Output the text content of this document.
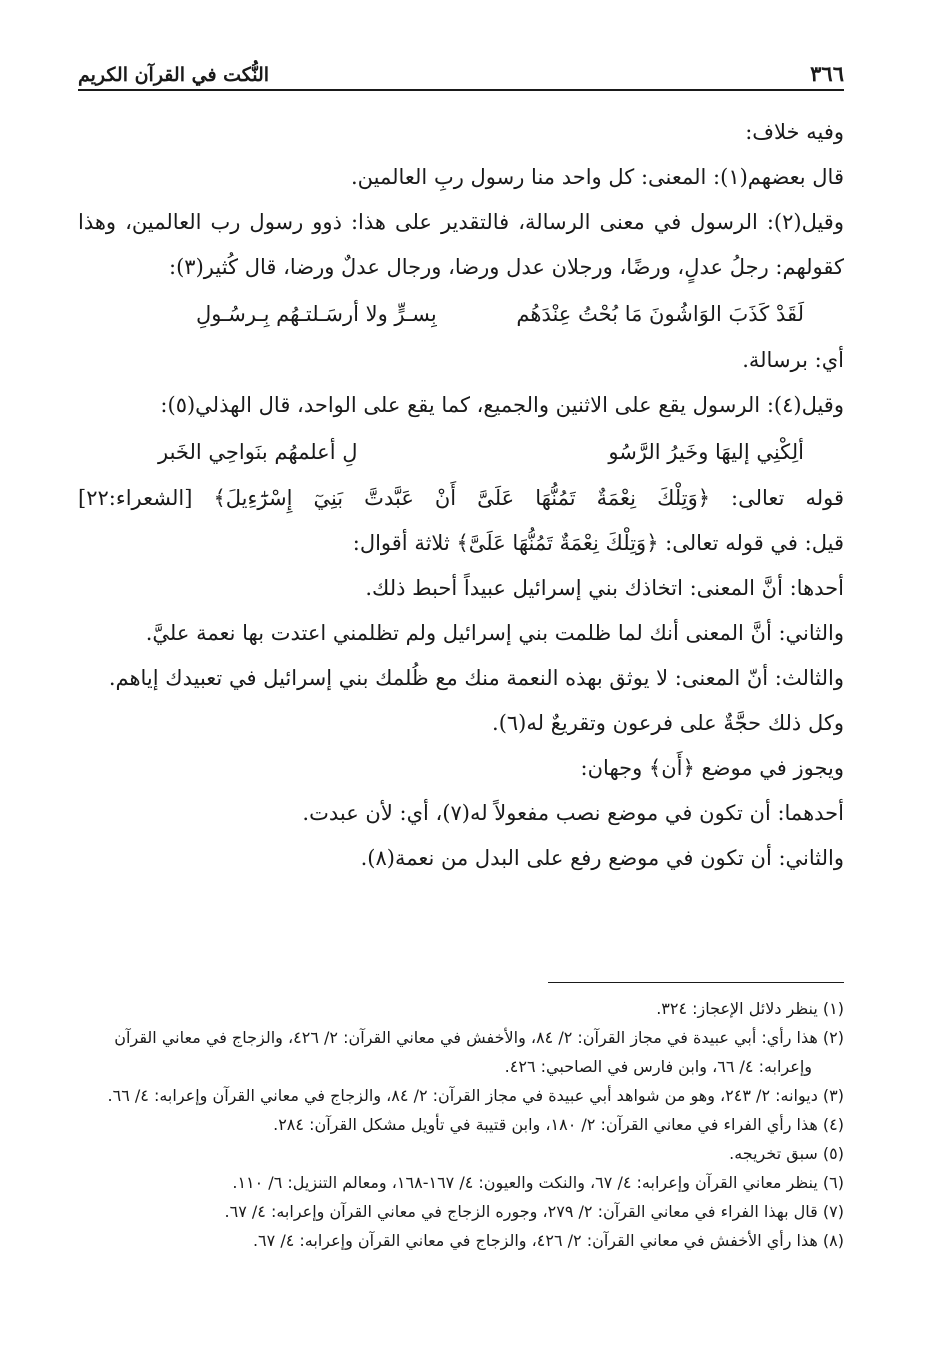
٣٦٦
النُّكت في القرآن الكريم
وفيه خلاف:
قال بعضهم(١): المعنى: كل واحد منا رسول ربِ العالمين.
وقيل(٢): الرسول في معنى الرسالة، فالتقدير على هذا: ذوو رسول رب العالمين، وهذا
كقولهم: رجلُ عدلٍ، ورضًا، ورجلان عدل ورضا، ورجال عدلٌ ورضا، قال كُثير(٣):
لَقَدْ كَذَبَ الوَاشُونَ مَا بُحْتُ عِنْدَهُم
بِسـرٍّ ولا أرسَـلتـهُم بِـرسُـولِ
أي: برسالة.
وقيل(٤): الرسول يقع على الاثنين والجميع، كما يقع على الواحد، قال الهذلي(٥):
ألِكْنِي إليهَا وخَيرُ الرَّسُو
لِ أعلمهُم بنَواحِي الخَبر
قوله تعالى: ﴿وَتِلْكَ نِعْمَةٌ تَمُنُّهَا عَلَىَّ أَنْ عَبَّدتَّ بَنِيٓ إِسْرَٰٓءِيلَ﴾ [الشعراء:٢٢]
قيل: في قوله تعالى: ﴿وَتِلْكَ نِعْمَةٌ تَمُنُّهَا عَلَىَّ﴾ ثلاثة أقوال:
أحدها: أنَّ المعنى: اتخاذك بني إسرائيل عبيداً أحبط ذلك.
والثاني: أنَّ المعنى أنك لما ظلمت بني إسرائيل ولم تظلمني اعتدت بها نعمة عليَّ.
والثالث: أنّ المعنى: لا يوثق بهذه النعمة منك مع ظُلمك بني إسرائيل في تعبيدك إياهم.
وكل ذلك حجَّةٌ على فرعون وتقريعٌ له(٦).
ويجوز في موضع ﴿أَن﴾ وجهان:
أحدهما: أن تكون في موضع نصب مفعولاً له(٧)، أي: لأن عبدت.
والثاني: أن تكون في موضع رفع على البدل من نعمة(٨).
(١) ينظر دلائل الإعجاز: ٣٢٤.
(٢) هذا رأي: أبي عبيدة في مجاز القرآن: ٢/ ٨٤، والأخفش في معاني القرآن: ٢/ ٤٢٦، والزجاج في معاني القرآن
وإعرابه: ٤/ ٦٦، وابن فارس في الصاحبي: ٤٢٦.
(٣) ديوانه: ٢/ ٢٤٣، وهو من شواهد أبي عبيدة في مجاز القرآن: ٢/ ٨٤، والزجاج في معاني القرآن وإعرابه: ٤/ ٦٦.
(٤) هذا رأي الفراء في معاني القرآن: ٢/ ١٨٠، وابن قتيبة في تأويل مشكل القرآن: ٢٨٤.
(٥) سبق تخريجه.
(٦) ينظر معاني القرآن وإعرابه: ٤/ ٦٧، والنكت والعيون: ٤/ ١٦٧-١٦٨، ومعالم التنزيل: ٦/ ١١٠.
(٧) قال بهذا الفراء في معاني القرآن: ٢/ ٢٧٩، وجوره الزجاج في معاني القرآن وإعرابه: ٤/ ٦٧.
(٨) هذا رأي الأخفش في معاني القرآن: ٢/ ٤٢٦، والزجاج في معاني القرآن وإعرابه: ٤/ ٦٧.
